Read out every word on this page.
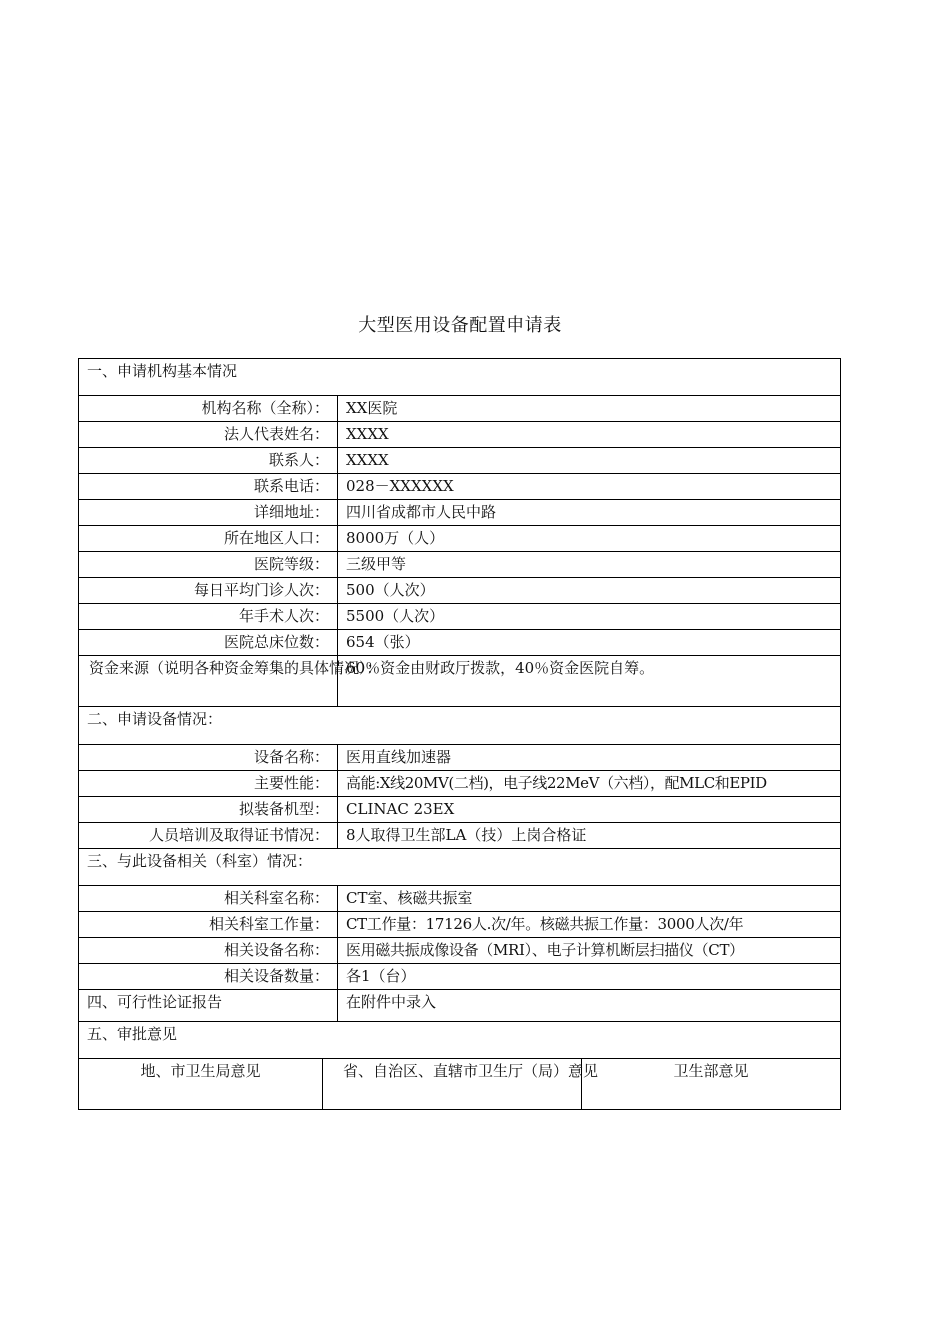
大型医用设备配置申请表
一、申请机构基本情况			
机构名称（全称）：		XX医院	
法人代表姓名：		XXXX	
联系人：		XXXX	
联系电话：		028－XXXXXX	
详细地址：		四川省成都市人民中路	
所在地区人口：		8000万（人）	
医院等级：		三级甲等	
每日平均门诊人次：		500（人次）	
年手术人次：		5500（人次）	
医院总床位数：		654（张）	
资金来源（说明各种资金筹集的具体情况）：		60％资金由财政厅拨款，40％资金医院自筹。	
二、申请设备情况：			
设备名称：		医用直线加速器	
主要性能：		高能:X线20MV(二档)，电子线22MeV（六档），配MLC和EPID	
拟装备机型：		CLINAC 23EX	
人员培训及取得证书情况：		8人取得卫生部LA（技）上岗合格证	
三、与此设备相关（科室）情况：			
相关科室名称：		CT室、核磁共振室	
相关科室工作量：		CT工作量：17126人.次/年。核磁共振工作量：3000人次/年	
相关设备名称：		医用磁共振成像设备（MRI）、电子计算机断层扫描仪（CT）	
相关设备数量：		各1（台）	
四、可行性论证报告		在附件中录入	
五、审批意见			
地、市卫生局意见	省、自治区、直辖市卫生厅（局）意见		卫生部意见
